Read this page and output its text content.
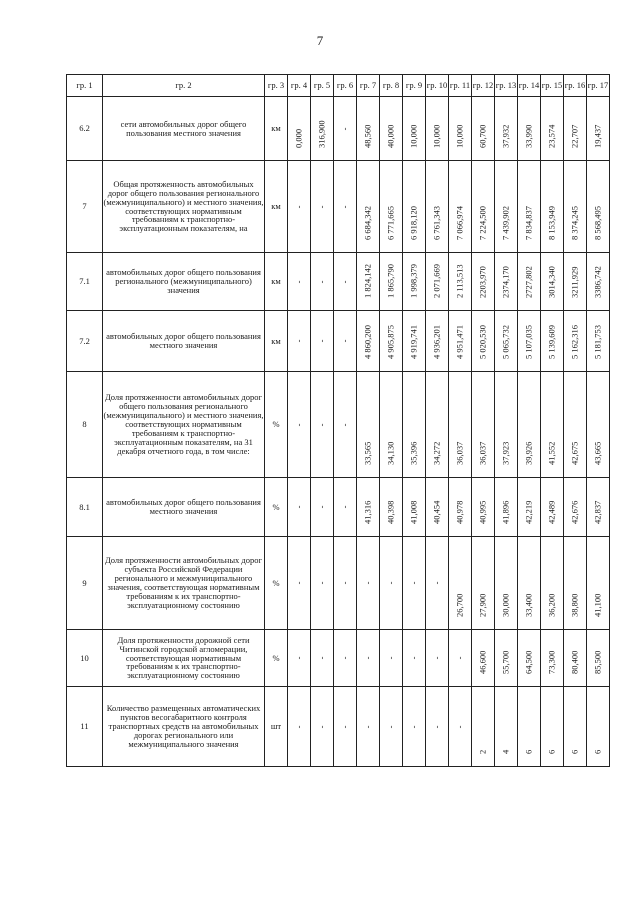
7
гр. 1	гр. 2	гр. 3	гр. 4	гр. 5	гр. 6	гр. 7	гр. 8	гр. 9	гр. 10	гр. 11	гр. 12	гр. 13	гр. 14	гр. 15	гр. 16	гр. 17
6.2	сети автомобильных дорог общего пользования местного значения	км	0,000	316,900	-	48,560	40,000	10,000	10,000	10,000	60,700	37,932	33,990	23,574	22,707	19,437

7	Общая протяженность автомобильных дорог общего пользования регионального (межмуниципального) и местного значения, соответствующих нормативным требованиям к транспортно-эксплуатационным показателям, на	км	-	-	-	6 684,342	6 771,665	6 918,120	6 761,343	7 066,974	7 224,500	7 439,902	7 834,837	8 153,949	8 374,245	8 568,495

7.1	автомобильных дорог общего пользования регионального (межмуниципального) значения	км	-	-	-	1 824,142	1 865,790	1 998,379	2 071,669	2 113,513	2203,970	2374,170	2727,802	3014,340	3211,929	3386,742

7.2	автомобильных дорог общего пользования местного значения	км	-	-	-	4 860,200	4 905,875	4 919,741	4 936,201	4 951,471	5 020,530	5 065,732	5 107,035	5 139,609	5 162,316	5 181,753

8	Доля протяженности автомобильных дорог общего пользования регионального (межмуниципального) и местного значения, соответствующих нормативным требованиям к транспортно-эксплуатационным показателям, на 31 декабря отчетного года, в том числе:	%	-	-	-	33,565	34,130	35,396	34,272	36,037	36,037	37,923	39,926	41,552	42,675	43,665

8.1	автомобильных дорог общего пользования местного значения	%	-	-	-	41,316	40,398	41,008	40,454	40,978	40,995	41,896	42,219	42,489	42,676	42,837

9	Доля протяженности автомобильных дорог субъекта Российской Федерации регионального и межмуниципального значения, соответствующая нормативным требованиям к их транспортно-эксплуатационному состоянию	%	-	-	-	-	-	-	-	26,700	27,900	30,000	33,400	36,200	38,800	41,100

10	Доля протяженности дорожной сети Читинской городской агломерации, соответствующая нормативным требованиям к их транспортно-эксплуатационному состоянию	%	-	-	-	-	-	-	-	-	46,600	55,700	64,500	73,300	80,400	85,500

11	Количество размещенных автоматических пунктов весогабаритного контроля транспортных средств на автомобильных дорогах регионального или межмуниципального значения	шт	-	-	-	-	-	-	-	-	2	4	6	6	6	6
